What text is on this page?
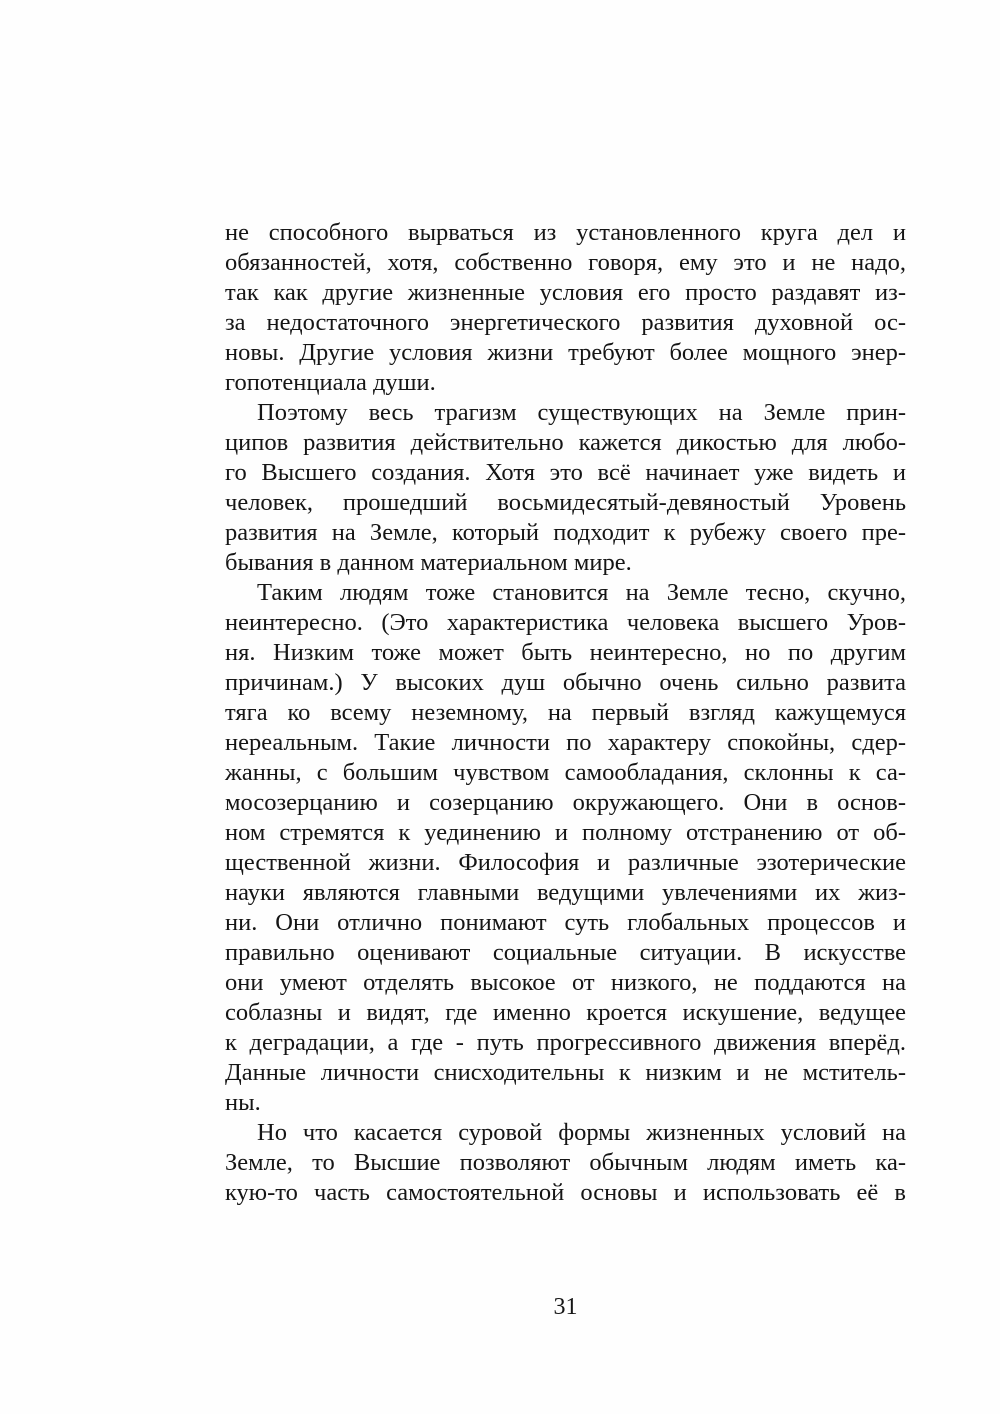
не способного вырваться из установленного круга дел и
обязанностей, хотя, собственно говоря, ему это и не надо,
так как другие жизненные условия его просто раздавят из-
за недостаточного энергетического развития духовной ос-
новы. Другие условия жизни требуют более мощного энер-
гопотенциала души.
Поэтому весь трагизм существующих на Земле прин-
ципов развития действительно кажется дикостью для любо-
го Высшего создания. Хотя это всё начинает уже видеть и
человек, прошедший восьмидесятый-девяностый Уровень
развития на Земле, который подходит к рубежу своего пре-
бывания в данном материальном мире.
Таким людям тоже становится на Земле тесно, скучно,
неинтересно. (Это характеристика человека высшего Уров-
ня. Низким тоже может быть неинтересно, но по другим
причинам.) У высоких душ обычно очень сильно развита
тяга ко всему неземному, на первый взгляд кажущемуся
нереальным. Такие личности по характеру спокойны, сдер-
жанны, с большим чувством самообладания, склонны к са-
мосозерцанию и созерцанию окружающего. Они в основ-
ном стремятся к уединению и полному отстранению от об-
щественной жизни. Философия и различные эзотерические
науки являются главными ведущими увлечениями их жиз-
ни. Они отлично понимают суть глобальных процессов и
правильно оценивают социальные ситуации. В искусстве
они умеют отделять высокое от низкого, не поддаются на
соблазны и видят, где именно кроется искушение, ведущее
к деградации, а где - путь прогрессивного движения вперёд.
Данные личности снисходительны к низким и не мститель-
ны.
Но что касается суровой формы жизненных условий на
Земле, то Высшие позволяют обычным людям иметь ка-
кую-то часть самостоятельной основы и использовать её в
31
